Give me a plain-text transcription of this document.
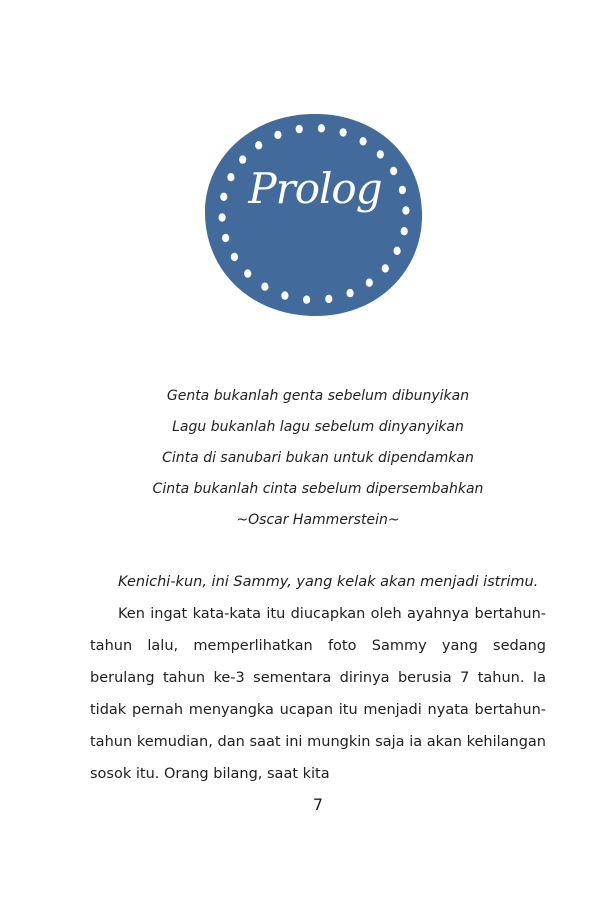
Prolog
Genta bukanlah genta sebelum dibunyikan
Lagu bukanlah lagu sebelum dinyanyikan
Cinta di sanubari bukan untuk dipendamkan
Cinta bukanlah cinta sebelum dipersembahkan
~Oscar Hammerstein~

Kenichi-kun, ini Sammy, yang kelak akan menjadi istrimu.

Ken ingat kata-kata itu diucapkan oleh ayahnya bertahun-tahun lalu, memperlihatkan foto Sammy yang sedang berulang tahun ke-3 sementara dirinya berusia 7 tahun. Ia tidak pernah menyangka ucapan itu menjadi nyata bertahun-tahun kemudian, dan saat ini mungkin saja ia akan kehilangan sosok itu. Orang bilang, saat kita

7
